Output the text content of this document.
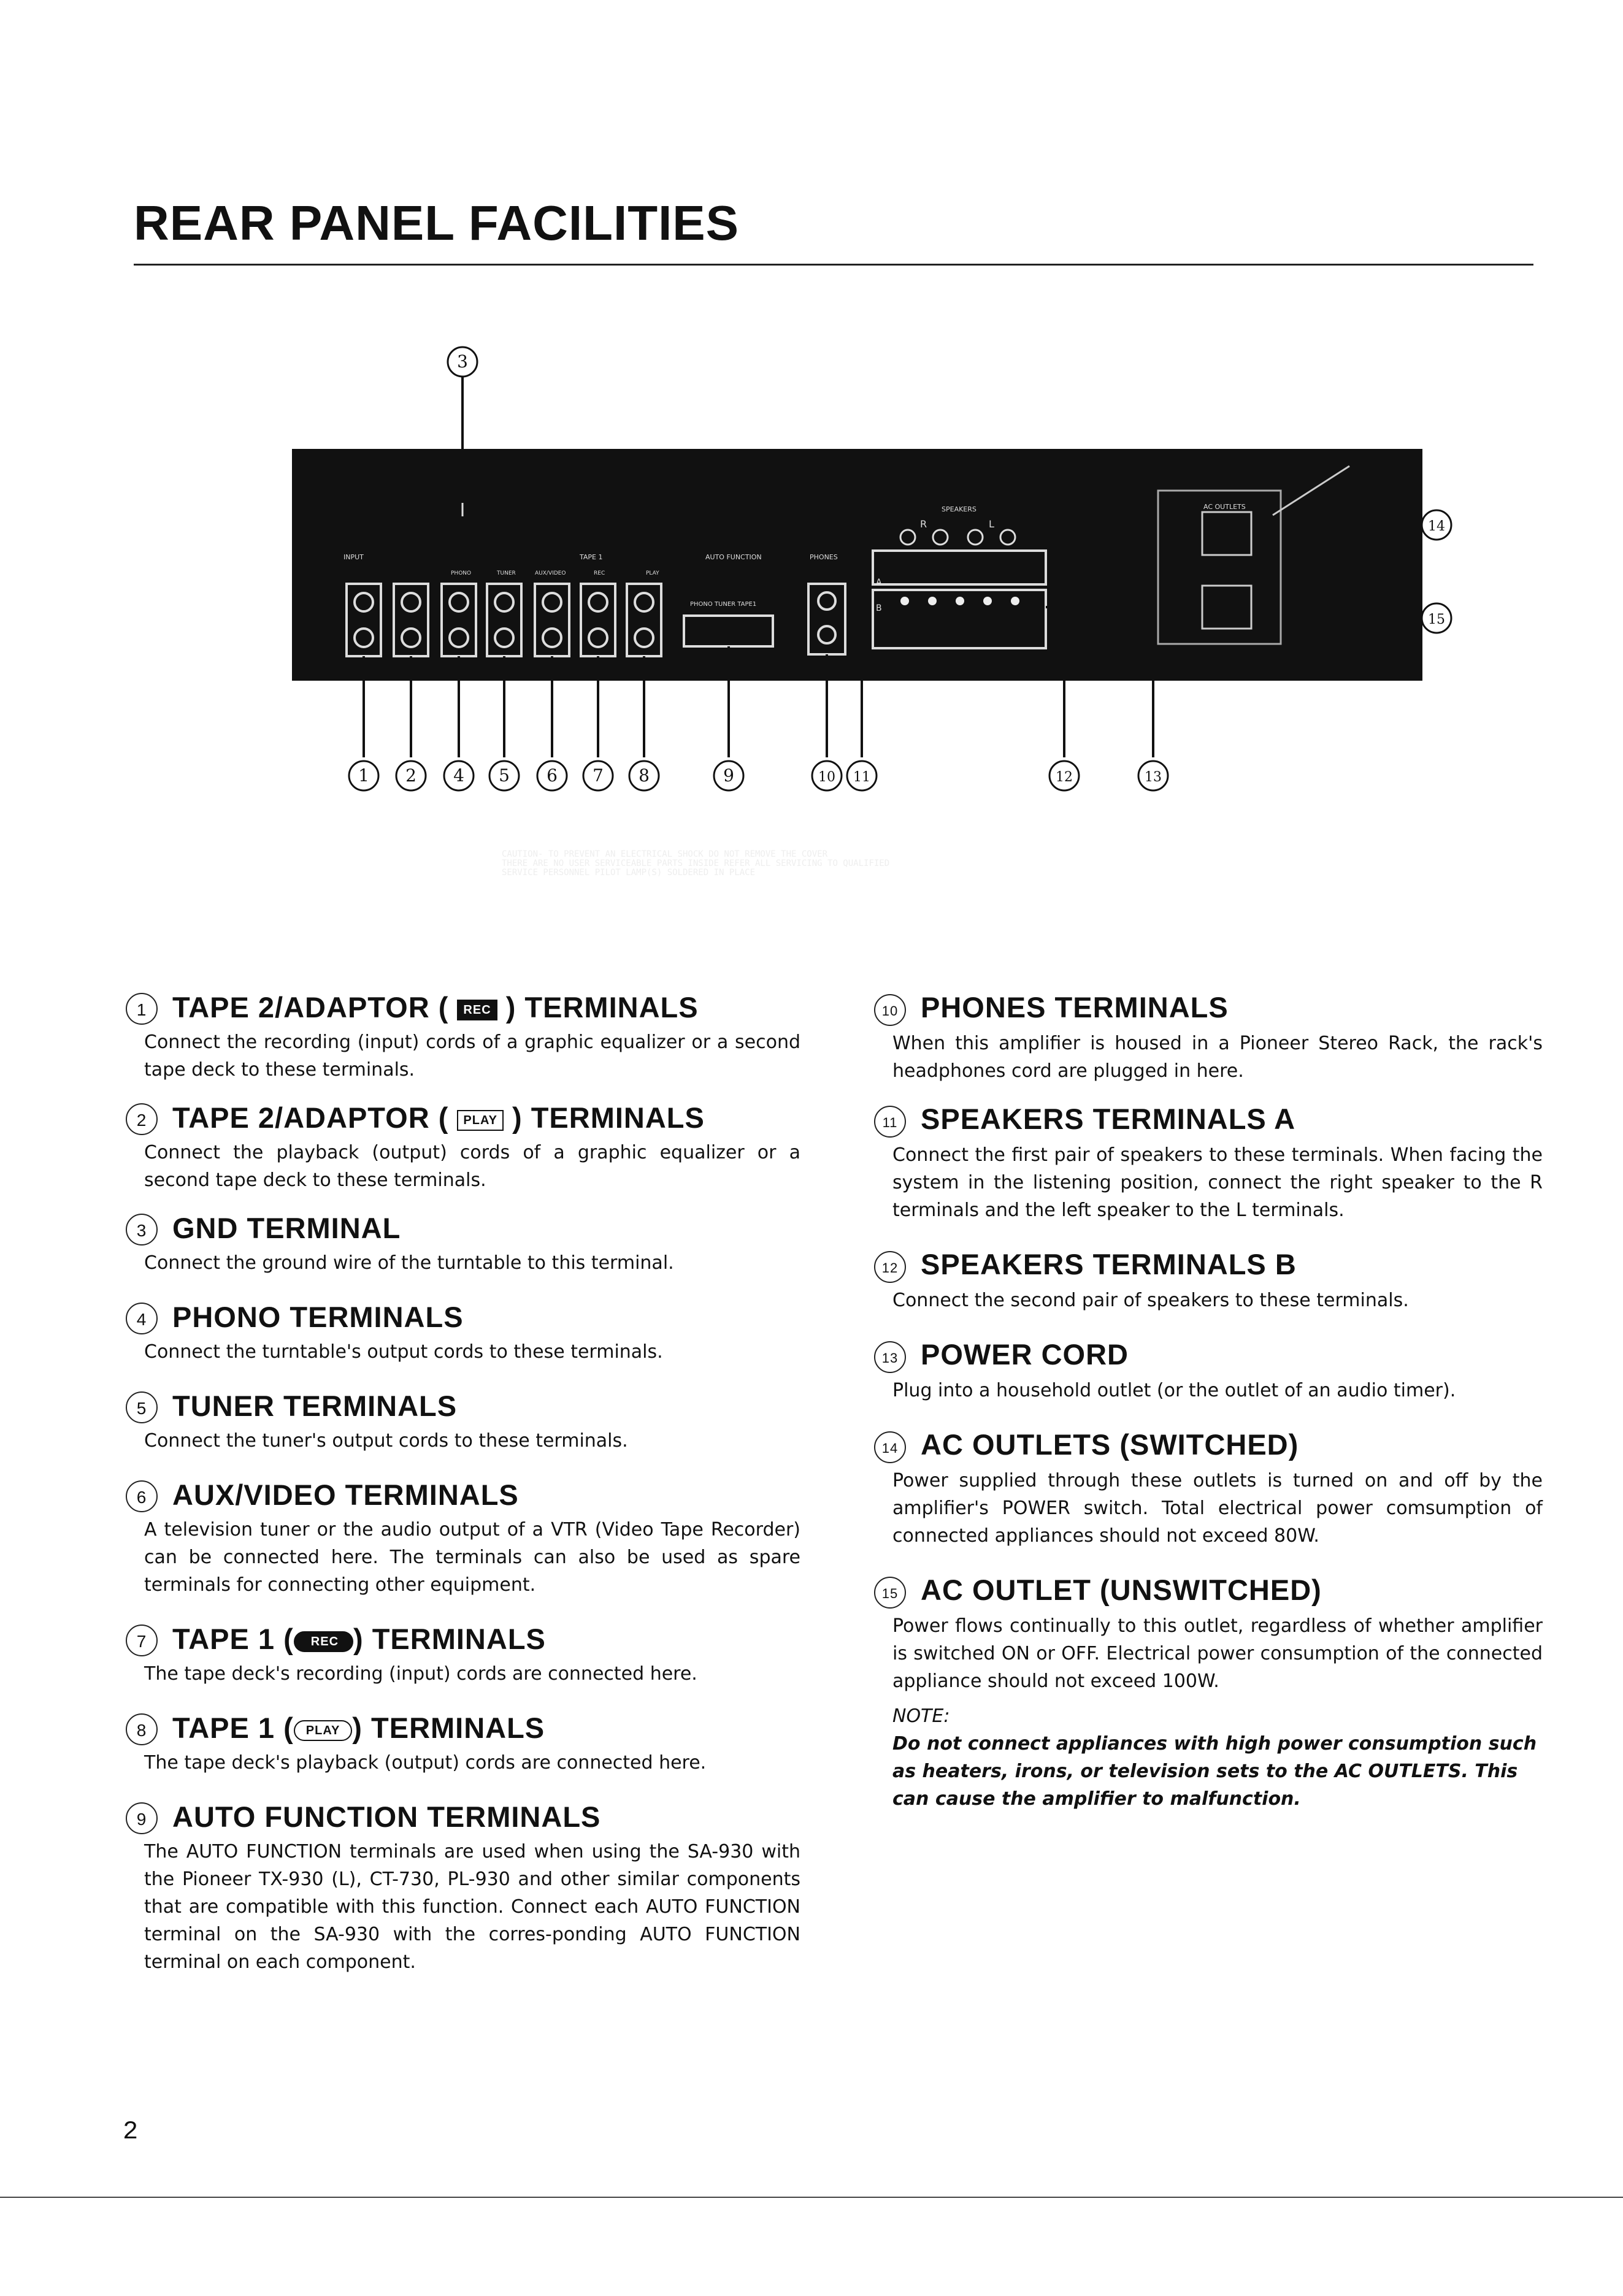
REAR PANEL FACILITIES
INPUT	TAPE 1	AUTO FUNCTION	PHONES
SPEAKERS	AC OUTLETS
PHONO	TUNER	AUX/VIDEO	PLAY
REC
PHONO TUNER TAPE1
A
B
R	L
1 2
3
4 5 6 7 8	9	10 11	12	13
14
15
CAUTION- TO PREVENT AN ELECTRICAL SHOCK DO NOT REMOVE THE COVER
THERE ARE NO USER SERVICEABLE PARTS INSIDE REFER ALL SERVICING TO QUALIFIED
SERVICE PERSONNEL PILOT LAMP(S) SOLDERED IN PLACE
1 TAPE 2/ADAPTOR ( REC ) TERMINALS

Connect the recording (input) cords of a graphic equalizer or a second tape deck to these terminals.

2 TAPE 2/ADAPTOR ( PLAY ) TERMINALS

Connect the playback (output) cords of a graphic equalizer or a second tape deck to these terminals.

3 GND TERMINAL

Connect the ground wire of the turntable to this terminal.

4 PHONO TERMINALS

Connect the turntable's output cords to these terminals.

5 TUNER TERMINALS

Connect the tuner's output cords to these terminals.

6 AUX/VIDEO TERMINALS

A television tuner or the audio output of a VTR (Video Tape Recorder) can be connected here. The terminals can also be used as spare terminals for connecting other equipment.

7 TAPE 1 ( REC ) TERMINALS

The tape deck's recording (input) cords are connected here.

8 TAPE 1 ( PLAY ) TERMINALS

The tape deck's playback (output) cords are connected here.

9 AUTO FUNCTION TERMINALS

The AUTO FUNCTION terminals are used when using the SA-930 with the Pioneer TX-930 (L), CT-730, PL-930 and other similar components that are compatible with this function. Connect each AUTO FUNCTION terminal on the SA-930 with the corres-ponding AUTO FUNCTION terminal on each component.

10 PHONES TERMINALS

When this amplifier is housed in a Pioneer Stereo Rack, the rack's headphones cord are plugged in here.

11 SPEAKERS TERMINALS A

Connect the first pair of speakers to these terminals. When facing the system in the listening position, connect the right speaker to the R terminals and the left speaker to the L terminals.

12 SPEAKERS TERMINALS B

Connect the second pair of speakers to these terminals.

13 POWER CORD

Plug into a household outlet (or the outlet of an audio timer).

14 AC OUTLETS (SWITCHED)

Power supplied through these outlets is turned on and off by the amplifier's POWER switch. Total electrical power comsumption of connected appliances should not exceed 80W.

15 AC OUTLET (UNSWITCHED)

Power flows continually to this outlet, regardless of whether amplifier is switched ON or OFF. Electrical power consumption of the connected appliance should not exceed 100W.

NOTE:
Do not connect appliances with high power consumption such as heaters, irons, or television sets to the AC OUTLETS. This can cause the amplifier to malfunction.
2
